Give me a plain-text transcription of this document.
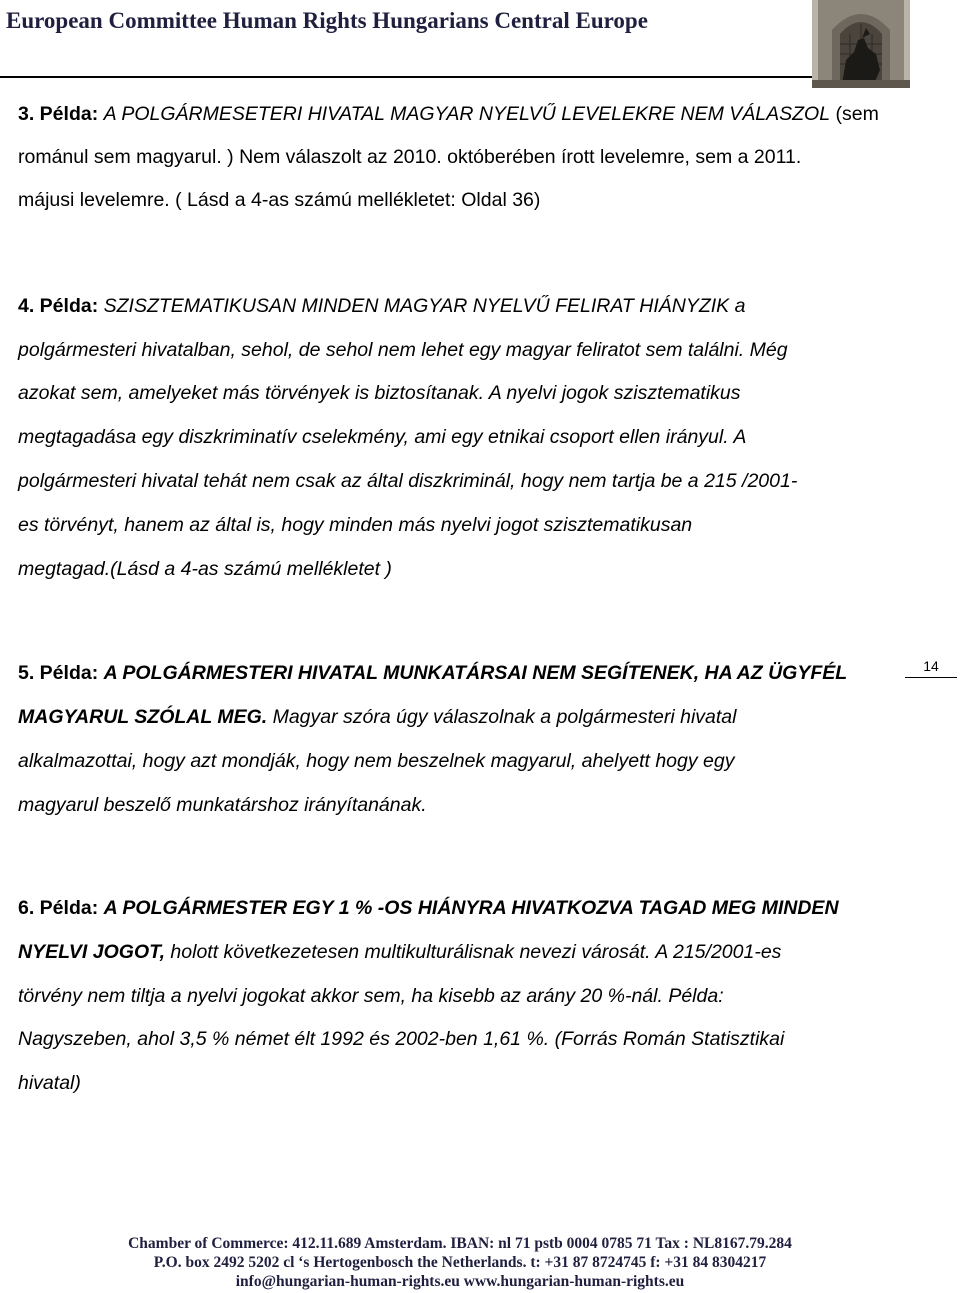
European Committee Human Rights Hungarians Central Europe
14
3. Példa: A POLGÁRMESETERI HIVATAL MAGYAR NYELVŰ LEVELEKRE NEM VÁLASZOL (sem
románul sem magyarul. ) Nem válaszolt az 2010. októberében írott levelemre, sem a 2011.
májusi levelemre. ( Lásd a 4-as számú mellékletet: Oldal 36)
4. Példa: SZISZTEMATIKUSAN MINDEN MAGYAR NYELVŰ FELIRAT HIÁNYZIK a
polgármesteri hivatalban, sehol, de sehol nem lehet egy magyar feliratot sem találni. Még
azokat sem, amelyeket más törvények is biztosítanak. A nyelvi jogok szisztematikus
megtagadása egy diszkriminatív cselekmény, ami egy etnikai csoport ellen irányul. A
polgármesteri hivatal tehát nem csak az által diszkriminál, hogy nem tartja be a 215 /2001-
es törvényt, hanem az által is, hogy minden más nyelvi jogot szisztematikusan
megtagad.(Lásd a 4-as számú mellékletet )
5. Példa: A POLGÁRMESTERI HIVATAL MUNKATÁRSAI NEM SEGÍTENEK, HA AZ ÜGYFÉL
MAGYARUL SZÓLAL MEG. Magyar szóra úgy válaszolnak a polgármesteri hivatal
alkalmazottai, hogy azt mondják, hogy nem beszelnek magyarul, ahelyett hogy egy
magyarul beszelő munkatárshoz irányítanának.
6. Példa: A POLGÁRMESTER EGY 1 % -OS HIÁNYRA HIVATKOZVA TAGAD MEG MINDEN
NYELVI JOGOT, holott következetesen multikulturálisnak nevezi városát. A 215/2001-es
törvény nem tiltja a nyelvi jogokat akkor sem, ha kisebb az arány 20 %-nál. Példa:
Nagyszeben, ahol 3,5 % német élt 1992 és 2002-ben 1,61 %. (Forrás Román Statisztikai
hivatal)
Chamber of Commerce: 412.11.689 Amsterdam. IBAN: nl 71 pstb 0004 0785 71 Tax : NL8167.79.284
P.O. box 2492 5202 cl ‘s Hertogenbosch the Netherlands. t: +31 87 8724745 f: +31 84 8304217
info@hungarian-human-rights.eu www.hungarian-human-rights.eu
